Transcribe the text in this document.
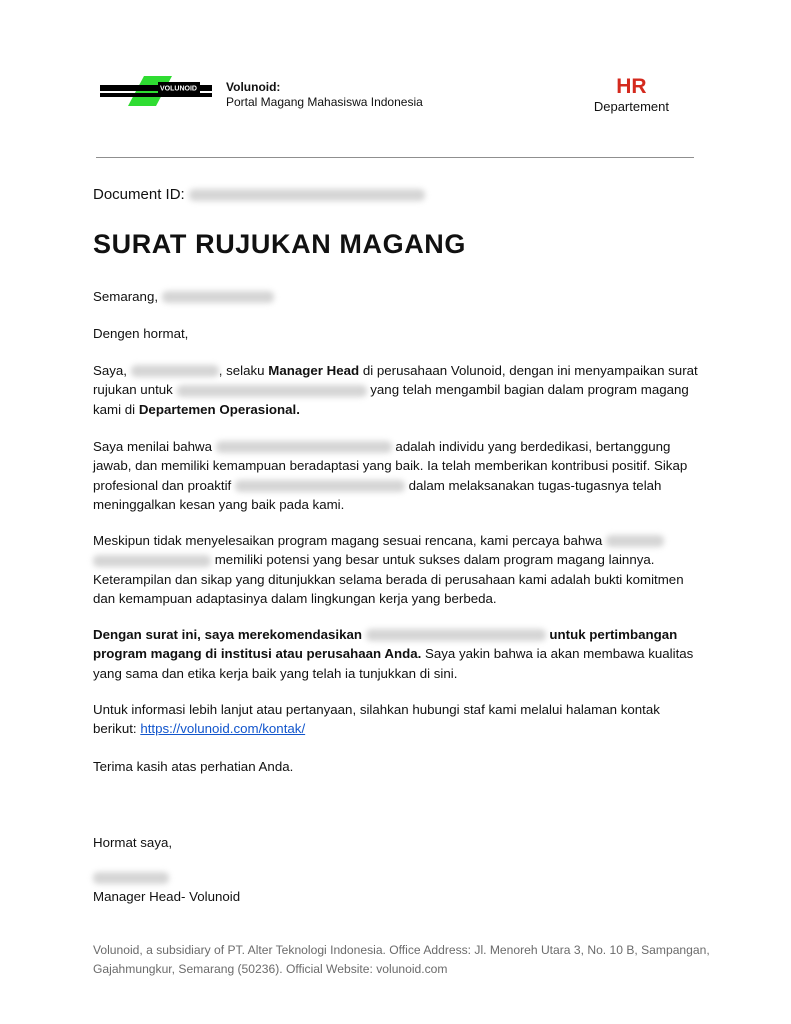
VOLUNOID Volunoid:
Portal Magang Mahasiswa Indonesia
HR
Departement
Document ID:
SURAT RUJUKAN MAGANG
Semarang,
Dengen hormat,

Saya,	, selaku Manager Head di perusahaan Volunoid, dengan ini menyampaikan surat rujukan untuk	yang telah mengambil bagian dalam program magang kami di Departemen Operasional.

Saya menilai bahwa	adalah individu yang berdedikasi, bertanggung jawab, dan memiliki kemampuan beradaptasi yang baik. Ia telah memberikan kontribusi positif. Sikap profesional dan proaktif	dalam melaksanakan tugas-tugasnya telah meninggalkan kesan yang baik pada kami.

Meskipun tidak menyelesaikan program magang sesuai rencana, kami percaya bahwa   memiliki potensi yang besar untuk sukses dalam program magang lainnya. Keterampilan dan sikap yang ditunjukkan selama berada di perusahaan kami adalah bukti komitmen dan kemampuan adaptasinya dalam lingkungan kerja yang berbeda.

Dengan surat ini, saya merekomendasikan	untuk pertimbangan program magang di institusi atau perusahaan Anda. Saya yakin bahwa ia akan membawa kualitas yang sama dan etika kerja baik yang telah ia tunjukkan di sini.

Untuk informasi lebih lanjut atau pertanyaan, silahkan hubungi staf kami melalui halaman kontak berikut: https://volunoid.com/kontak/

Terima kasih atas perhatian Anda.
Hormat saya,
Manager Head- Volunoid
Volunoid, a subsidiary of PT. Alter Teknologi Indonesia. Office Address: Jl. Menoreh Utara 3, No. 10 B, Sampangan, Gajahmungkur, Semarang (50236). Official Website: volunoid.com
